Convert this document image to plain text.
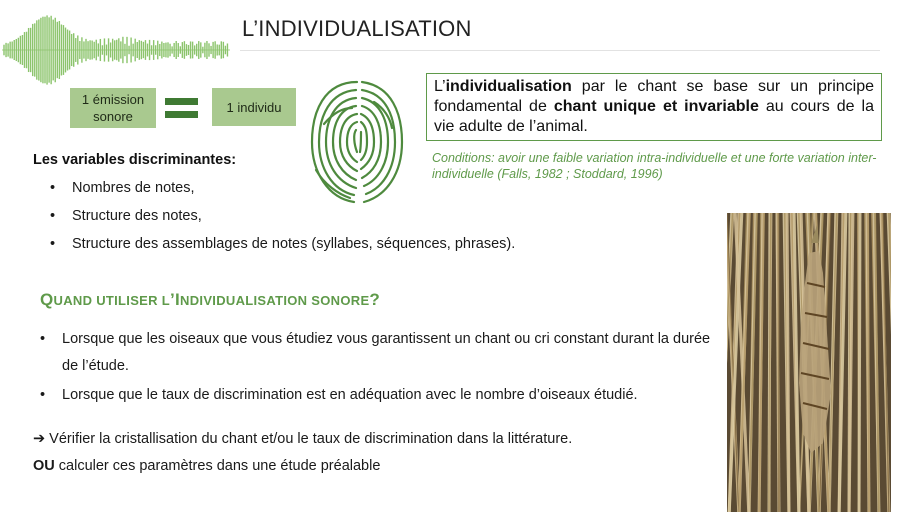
L’INDIVIDUALISATION
1 émission sonore
1 individu
L’individualisation par le chant se base sur un principe fondamental de chant unique et invariable au cours de la vie adulte de l’animal.
Conditions: avoir une faible variation intra-individuelle et une forte variation inter-individuelle (Falls, 1982 ; Stoddard, 1996)
Les variables discriminantes:
• Nombres de notes,
• Structure des notes,
• Structure des assemblages de notes (syllabes, séquences, phrases).
QUAND UTILISER L’INDIVIDUALISATION SONORE?
• Lorsque que les oiseaux que vous étudiez vous garantissent un chant ou cri constant durant la durée de l’étude.
• Lorsque que le taux de discrimination est en adéquation avec le nombre d’oiseaux étudié.
➔ Vérifier la cristallisation du chant et/ou le taux de discrimination dans la littérature.
OU calculer ces paramètres dans une étude préalable
